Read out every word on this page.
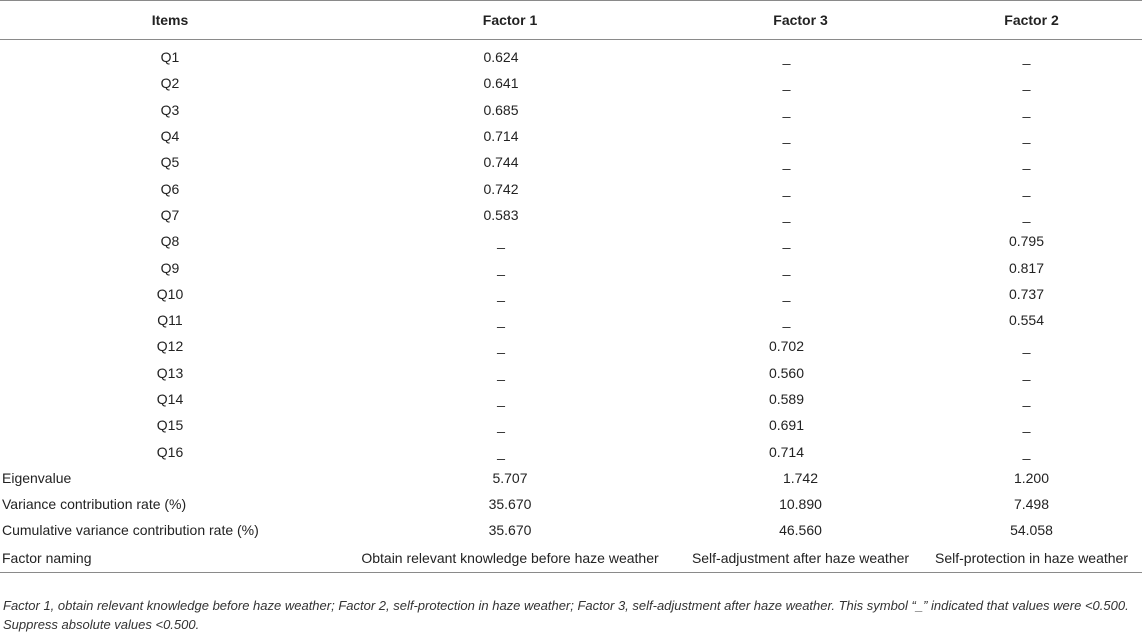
Items	Factor 1	Factor 3	Factor 2
Q1	0.624	_	_
Q2	0.641	_	_
Q3	0.685	_	_
Q4	0.714	_	_
Q5	0.744	_	_
Q6	0.742	_	_
Q7	0.583	_	_
Q8	_	_	0.795
Q9	_	_	0.817
Q10	_	_	0.737
Q11	_	_	0.554
Q12	_	0.702	_
Q13	_	0.560	_
Q14	_	0.589	_
Q15	_	0.691	_
Q16	_	0.714	_
Eigenvalue	5.707	1.742	1.200
Variance contribution rate (%)	35.670	10.890	7.498
Cumulative variance contribution rate (%)	35.670	46.560	54.058
Factor naming	Obtain relevant knowledge before haze weather	Self-adjustment after haze weather	Self-protection in haze weather
Factor 1, obtain relevant knowledge before haze weather; Factor 2, self-protection in haze weather; Factor 3, self-adjustment after haze weather. This symbol “_” indicated that values were <0.500. Suppress absolute values <0.500.
